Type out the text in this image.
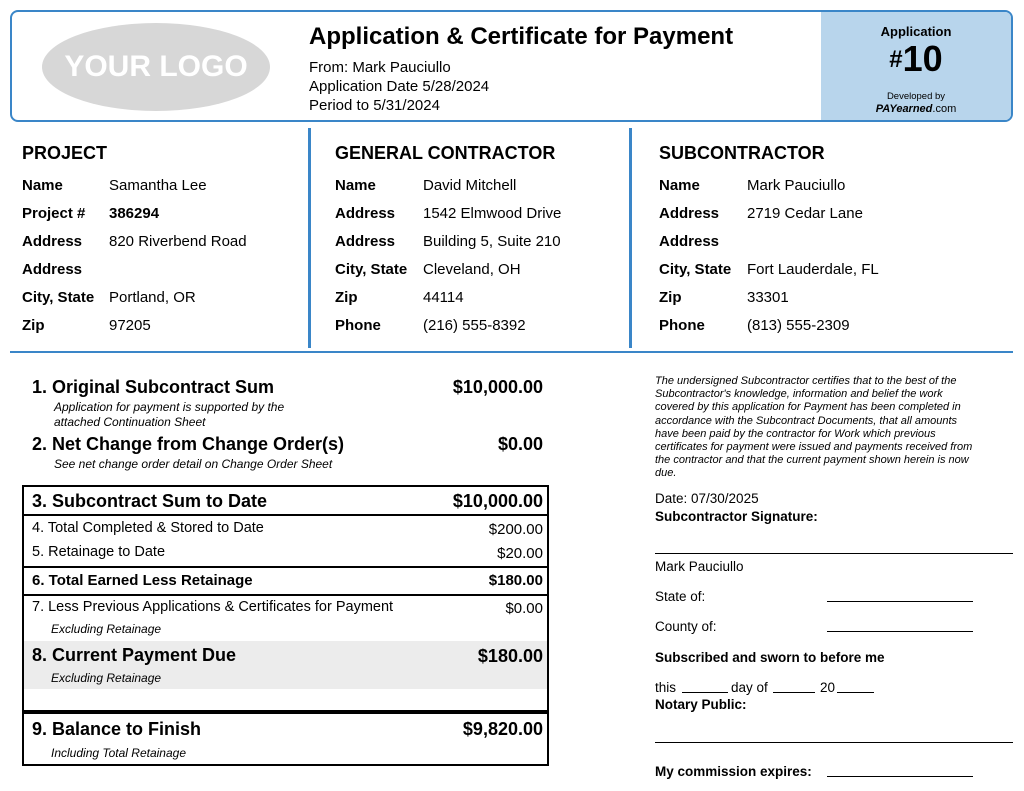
YOUR LOGO
Application & Certificate for Payment
From: Mark Pauciullo
Application Date 5/28/2024
Period to 5/31/2024
Application
#10
Developed by
PAYearned.com
PROJECT
Name	Samantha Lee
Project # 386294
Address 820 Riverbend Road
Address
City, State Portland, OR
Zip	97205
GENERAL CONTRACTOR
Name	David Mitchell
Address 1542 Elmwood Drive
Address Building 5, Suite 210
City, State Cleveland, OH
Zip	44114
Phone	(216) 555-8392
SUBCONTRACTOR
Name	Mark Pauciullo
Address 2719 Cedar Lane
Address
City, State Fort Lauderdale, FL
Zip	33301
Phone	(813) 555-2309
1. Original Subcontract Sum	$10,000.00
Application for payment is supported by the
attached Continuation Sheet
2. Net Change from Change Order(s)	$0.00
See net change order detail on Change Order Sheet
3. Subcontract Sum to Date	$10,000.00
4. Total Completed & Stored to Date	$200.00
5. Retainage to Date	$20.00
6. Total Earned Less Retainage	$180.00
7. Less Previous Applications & Certificates for Payment	$0.00
Excluding Retainage
8. Current Payment Due	$180.00
Excluding Retainage
9. Balance to Finish	$9,820.00
Including Total Retainage
The undersigned Subcontractor certifies that to the best of the Subcontractor's knowledge, information and belief the work covered by this application for Payment has been completed in accordance with the Subcontract Documents, that all amounts have been paid by the contractor for Work which previous certificates for payment were issued and payments received from the contractor and that the current payment shown herein is now due.
Date: 07/30/2025
Subcontractor Signature:
Mark Pauciullo
State of:
County of:
Subscribed and sworn to before me
this	day of	20
Notary Public:
My commission expires:
